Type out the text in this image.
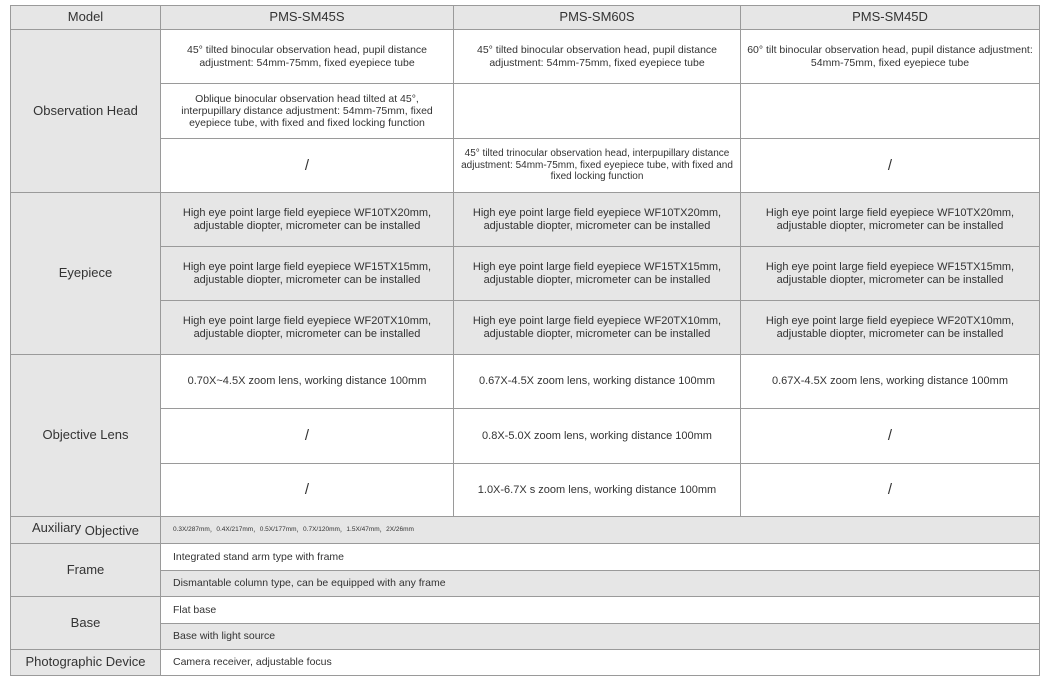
Model	PMS-SM45S	PMS-SM60S	PMS-SM45D
Observation Head	45° tilted binocular observation head, pupil distance adjustment: 54mm-75mm, fixed eyepiece tube	45° tilted binocular observation head, pupil distance adjustment: 54mm-75mm, fixed eyepiece tube	60° tilt binocular observation head, pupil distance adjustment: 54mm-75mm, fixed eyepiece tube
	Oblique binocular observation head tilted at 45°, interpupillary distance adjustment: 54mm-75mm, fixed eyepiece tube, with fixed and fixed locking function		
	/	45° tilted trinocular observation head, interpupillary distance adjustment: 54mm-75mm, fixed eyepiece tube, with fixed and fixed locking function	/
Eyepiece	High eye point large field eyepiece WF10TX20mm, adjustable diopter, micrometer can be installed	High eye point large field eyepiece WF10TX20mm, adjustable diopter, micrometer can be installed	High eye point large field eyepiece WF10TX20mm, adjustable diopter, micrometer can be installed
	High eye point large field eyepiece WF15TX15mm, adjustable diopter, micrometer can be installed	High eye point large field eyepiece WF15TX15mm, adjustable diopter, micrometer can be installed	High eye point large field eyepiece WF15TX15mm, adjustable diopter, micrometer can be installed
	High eye point large field eyepiece WF20TX10mm, adjustable diopter, micrometer can be installed	High eye point large field eyepiece WF20TX10mm, adjustable diopter, micrometer can be installed	High eye point large field eyepiece WF20TX10mm, adjustable diopter, micrometer can be installed
Objective Lens	0.70X~4.5X zoom lens, working distance 100mm	0.67X-4.5X zoom lens, working distance 100mm	0.67X-4.5X zoom lens, working distance 100mm
	/	0.8X-5.0X zoom lens, working distance 100mm	/
	/	1.0X-6.7X s zoom lens, working distance 100mm	/
Auxiliary Objective	0.3X/287mm，0.4X/217mm，0.5X/177mm，0.7X/120mm，1.5X/47mm，2X/26mm		
Frame	Integrated stand arm type with frame		
	Dismantable column type, can be equipped with any frame		
Base	Flat base		
	Base with light source		
Photographic Device	Camera receiver, adjustable focus		
